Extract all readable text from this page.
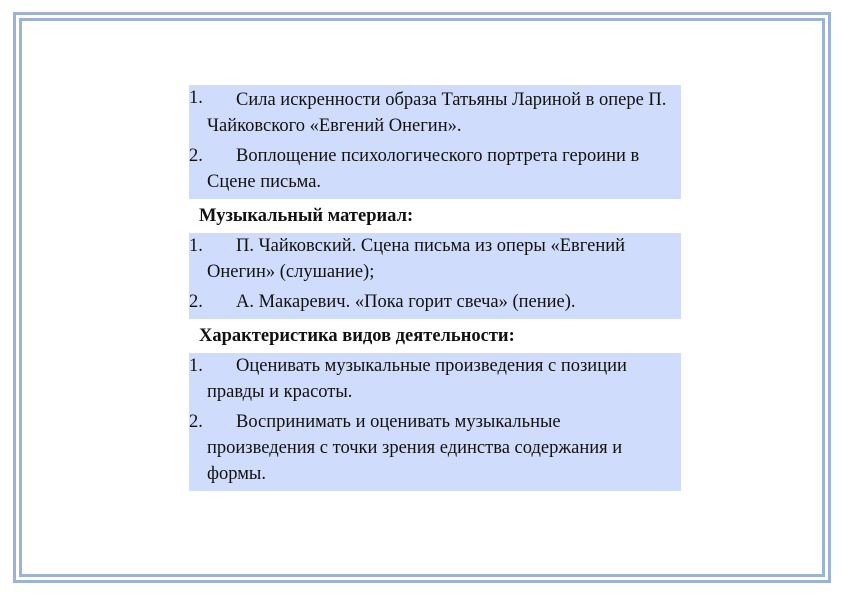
1.	Сила искренности образа Татьяны Лариной в опере П. Чайковского «Евгений Онегин».
2.	Воплощение психологического портрета героини в Сцене письма.
Музыкальный материал:
1.	П. Чайковский. Сцена письма из оперы «Евгений Онегин» (слушание);
2.	А. Макаревич. «Пока горит свеча» (пение).
Характеристика видов деятельности:
1.	Оценивать музыкальные произведения с позиции правды и красоты.
2.	Воспринимать и оценивать музыкальные произведения с точки зрения единства содержания и формы.
